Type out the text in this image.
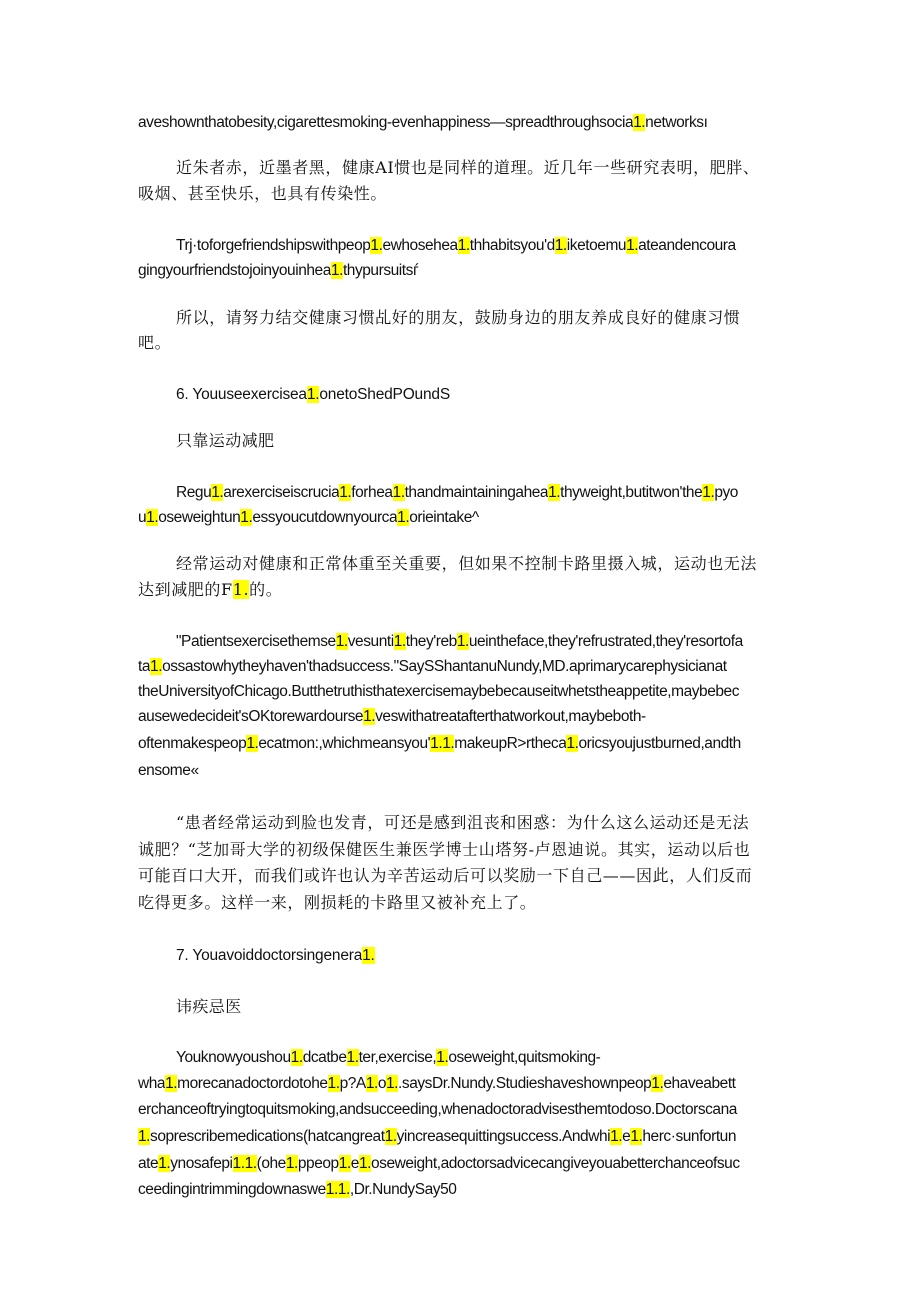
aveshownthatobesity,cigarettesmoking-evenhappiness—spreadthroughsocia1.networksı
近朱者赤，近墨者黑，健康AI惯也是同样的道理。近几年一些研究表明，肥胖、
吸烟、甚至快乐，也具有传染性。
Trj·toforgefriendshipswithpeop1.ewhosehea1.thhabitsyou'd1.iketoemu1.ateandencoura
gingyourfriendstojoinyouinhea1.thypursuitsѓ
所以，请努力结交健康习惯乩好的朋友，鼓励身边的朋友养成良好的健康习惯
吧。
6. Youuseexercisea1.onetoShedPOundS
只靠运动减肥
Regu1.arexerciseiscrucia1.forhea1.thandmaintainingahea1.thyweight,butitwon'the1.pyo
u1.oseweightun1.essyoucutdownyourca1.orieintake^
经常运动对健康和正常体重至关重要，但如果不控制卡路里摄入城，运动也无法
达到减肥的F1.的。
"Patientsexercisethemse1.vesunti1.they'reb1.ueintheface,they'refrustrated,they'resortofa
ta1.ossastowhytheyhaven'thadsuccess."SaySShantanuNundy,MD.aprimarycarephysicianat
theUniversityofChicago.Butthetruthisthatexercisemaybebecauseitwhetstheappetite,maybebec
ausewedecideit'sOKtorewardourse1.veswithatreatafterthatworkout,maybeboth-
oftenmakespeop1.ecatmon:,whichmeansyou'1.1.makeupR>rtheca1.oricsyoujustburned,andth
ensome«
“患者经常运动到脸也发青，可还是感到沮丧和困惑：为什么这么运动还是无法
诚肥？“芝加哥大学的初级保健医生兼医学博士山塔努-卢恩迪说。其实，运动以后也
可能百口大开，而我们或许也认为辛苦运动后可以奖励一下自己——因此，人们反而
吃得更多。这样一来，刚损耗的卡路里又被补充上了。
7. Youavoiddoctorsingenera1.
讳疾忌医
Youknowyoushou1.dcatbe1.ter,exercise,1.oseweight,quitsmoking-
wha1.morecanadoctordotohe1.p?A1.o1..saysDr.Nundy.Studieshaveshownpeop1.ehaveabett
erchanceoftryingtoquitsmoking,andsucceeding,whenadoctoradvisesthemtodoso.Doctorscana
1.soprescribemedications(hatcangreat1.yincreasequittingsuccess.Andwhi1.e1.herc·sunfortun
ate1.ynosafepi1.1.(ohe1.ppeop1.e1.oseweight,adoctorsadvicecangiveyouabetterchanceofsuc
ceedingintrimmingdownaswe1.1.,Dr.NundySay50
